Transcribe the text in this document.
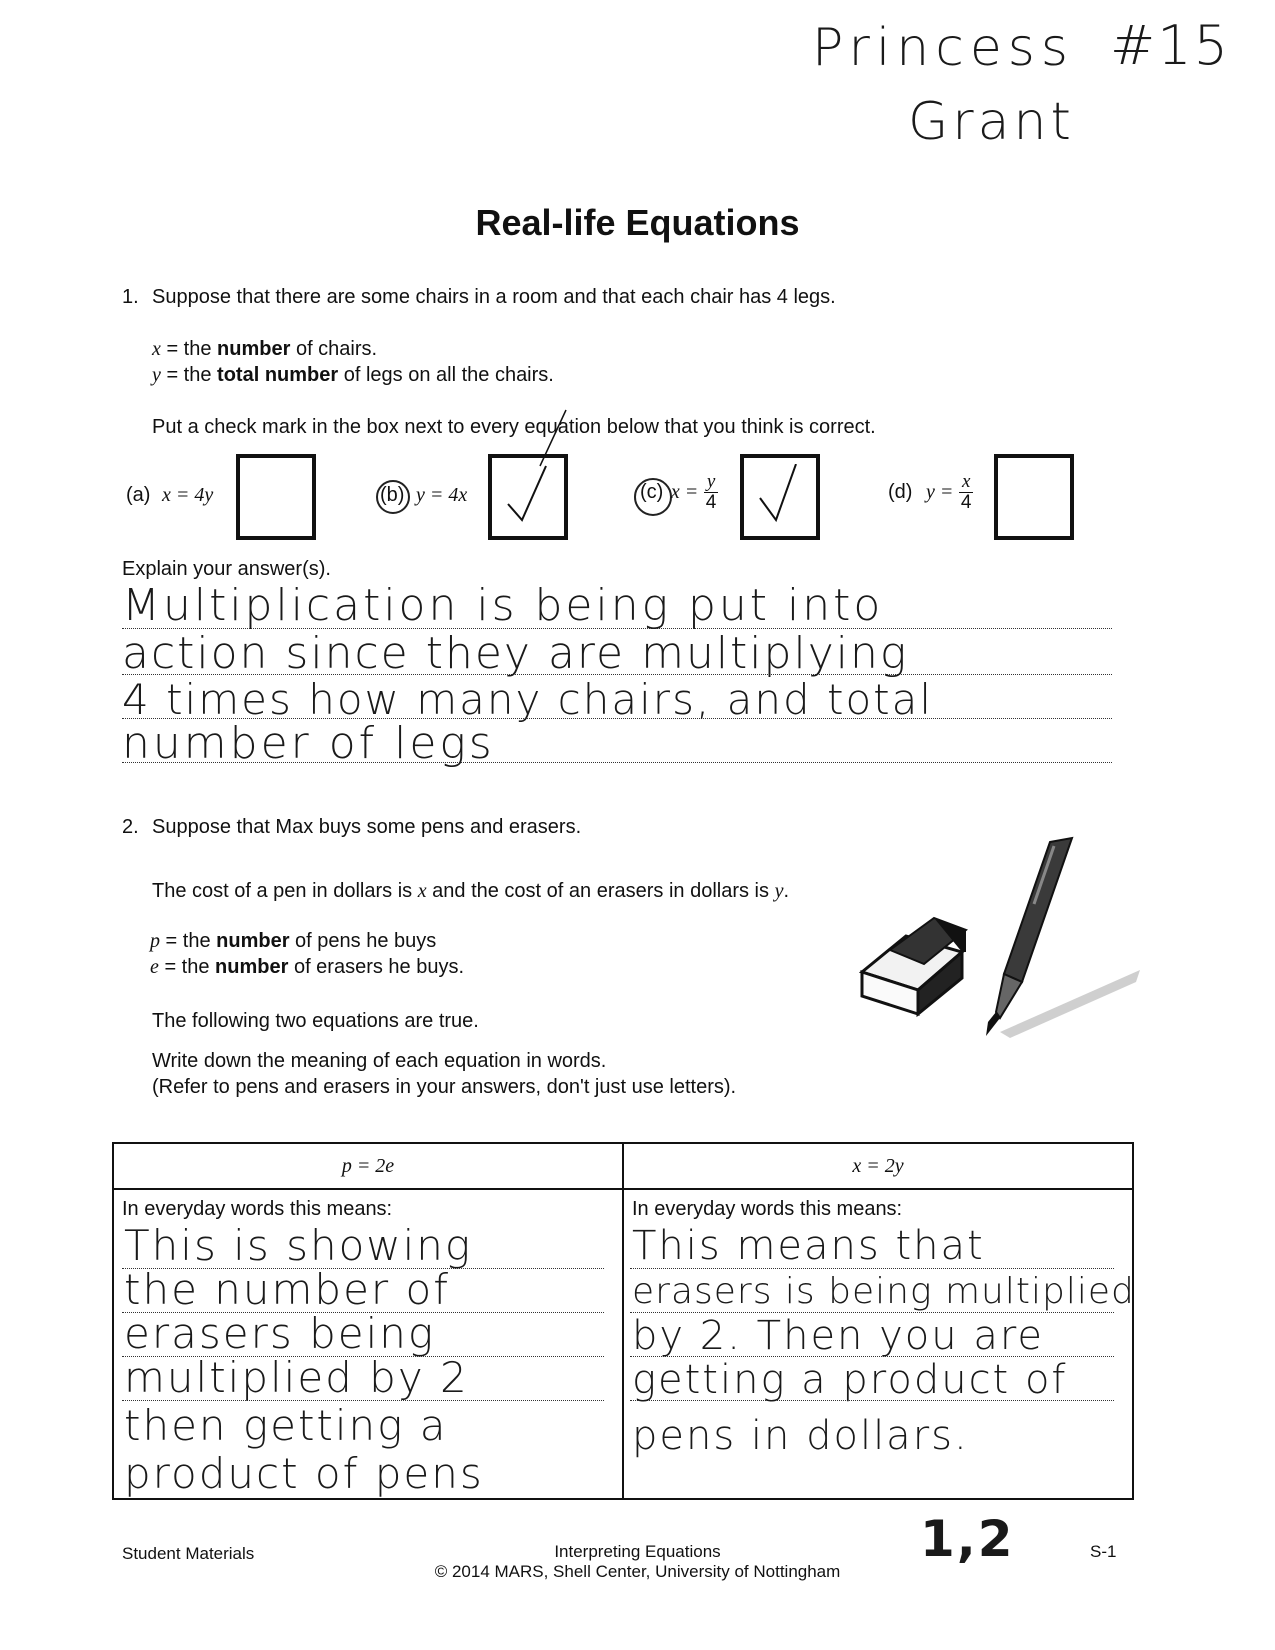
Princess
Grant
#15
Real-life Equations
1. Suppose that there are some chairs in a room and that each chair has 4 legs.
x = the number of chairs.
y = the total number of legs on all the chairs.
Put a check mark in the box next to every equation below that you think is correct.
(a) x = 4y	(b) y = 4x	(c) $x = \frac{y}{4}$	(d) $y = \frac{x}{4}$
Explain your answer(s).
Multiplication is being put into
action since they are multiplying
4 times how many chairs, and total
number of legs
2. Suppose that Max buys some pens and erasers.
The cost of a pen in dollars is x and the cost of an erasers in dollars is y.
p = the number of pens he buys
e = the number of erasers he buys.
The following two equations are true.
Write down the meaning of each equation in words.
(Refer to pens and erasers in your answers, don't just use letters).
p = 2e	x = 2y

In everyday words this means:	In everyday words this means:
This is showing
the number of
erasers being
multiplied by 2
then getting a
product of pens
This means that
erasers is being multiplied
by 2. Then you are
getting a product of
pens in dollars.
1,2
Student Materials	Interpreting Equations
© 2014 MARS, Shell Center, University of Nottingham
S-1
